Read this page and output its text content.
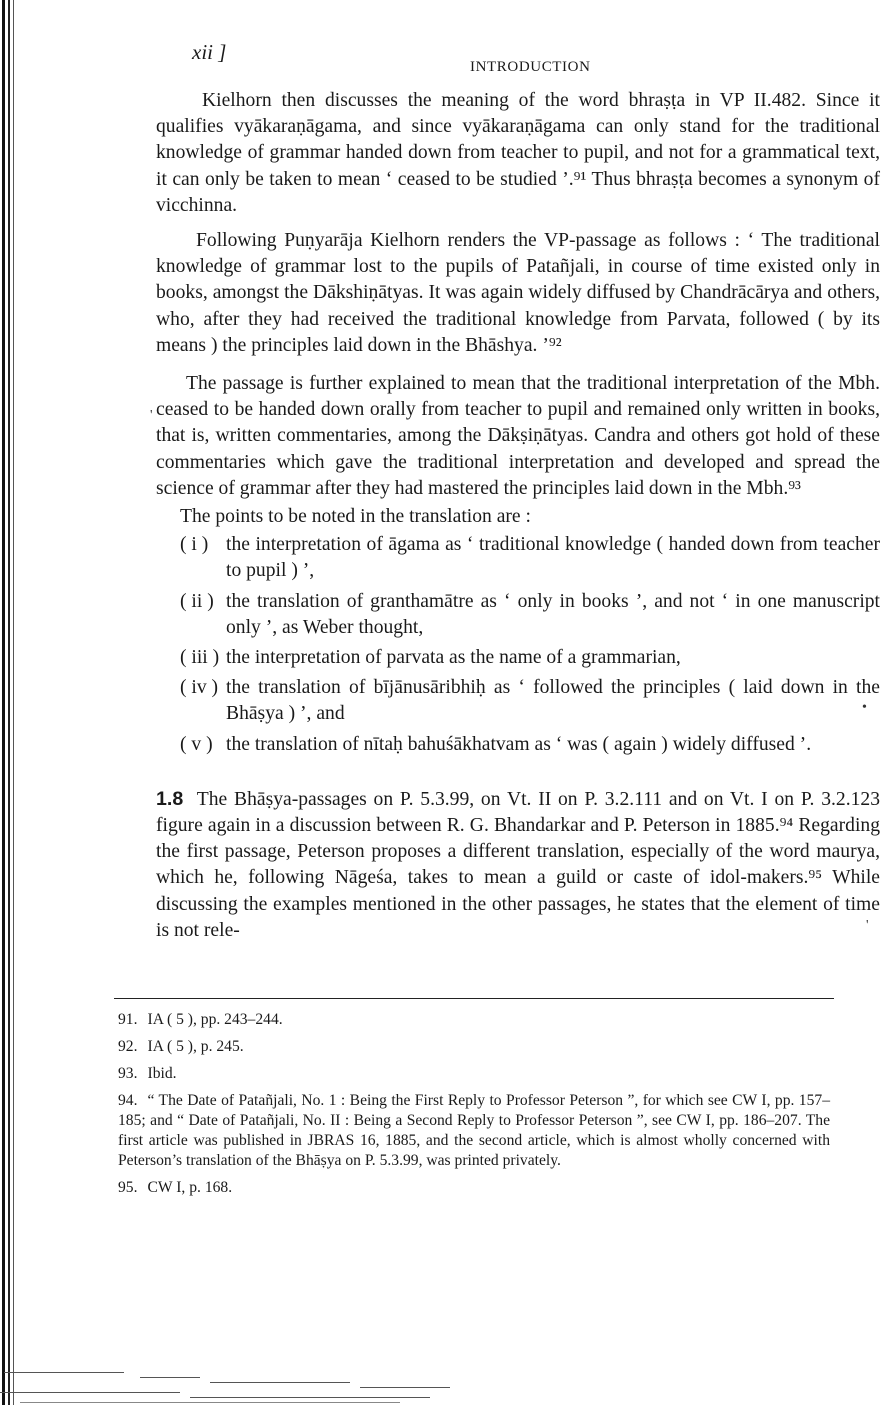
xii ]
INTRODUCTION

Kielhorn then discusses the meaning of the word bhraṣṭa in VP II.482. Since it qualifies vyākaraṇāgama, and since vyākaraṇāgama can only stand for the traditional knowledge of grammar handed down from teacher to pupil, and not for a grammatical text, it can only be taken to mean ‘ ceased to be studied ’.⁹¹ Thus bhraṣṭa becomes a synonym of vicchinna.

Following Puṇyarāja Kielhorn renders the VP-passage as follows : ‘ The traditional knowledge of grammar lost to the pupils of Patañjali, in course of time existed only in books, amongst the Dākshiṇātyas. It was again widely diffused by Chandrācārya and others, who, after they had received the traditional knowledge from Parvata, followed ( by its means ) the principles laid down in the Bhāshya. ’⁹²

The passage is further explained to mean that the traditional interpretation of the Mbh. ceased to be handed down orally from teacher to pupil and remained only written in books, that is, written commentaries, among the Dākṣiṇātyas. Candra and others got hold of these commentaries which gave the traditional interpretation and developed and spread the science of grammar after they had mastered the principles laid down in the Mbh.⁹³

The points to be noted in the translation are :

( i ) the interpretation of āgama as ‘ traditional knowledge ( handed down from teacher to pupil ) ’,
( ii ) the translation of granthamātre as ‘ only in books ’, and not ‘ in one manuscript only ’, as Weber thought,
( iii ) the interpretation of parvata as the name of a grammarian,
( iv ) the translation of bījānusāribhiḥ as ‘ followed the principles ( laid down in the Bhāṣya ) ’, and
( v ) the translation of nītaḥ bahuśākhatvam as ‘ was ( again ) widely diffused ’.

1.8 The Bhāṣya-passages on P. 5.3.99, on Vt. II on P. 3.2.111 and on Vt. I on P. 3.2.123 figure again in a discussion between R. G. Bhandarkar and P. Peterson in 1885.⁹⁴ Regarding the first passage, Peterson proposes a different translation, especially of the word maurya, which he, following Nāgeśa, takes to mean a guild or caste of idol-makers.⁹⁵ While discussing the examples mentioned in the other passages, he states that the element of time is not rele-

91. IA ( 5 ), pp. 243–244.

92. IA ( 5 ), p. 245.

93. Ibid.

94. “ The Date of Patañjali, No. 1 : Being the First Reply to Professor Peterson ”, for which see CW I, pp. 157–185; and “ Date of Patañjali, No. II : Being a Second Reply to Professor Peterson ”, see CW I, pp. 186–207. The first article was published in JBRAS 16, 1885, and the second article, which is almost wholly concerned with Peterson’s translation of the Bhāṣya on P. 5.3.99, was printed privately.

95. CW I, p. 168.

'
•
'
